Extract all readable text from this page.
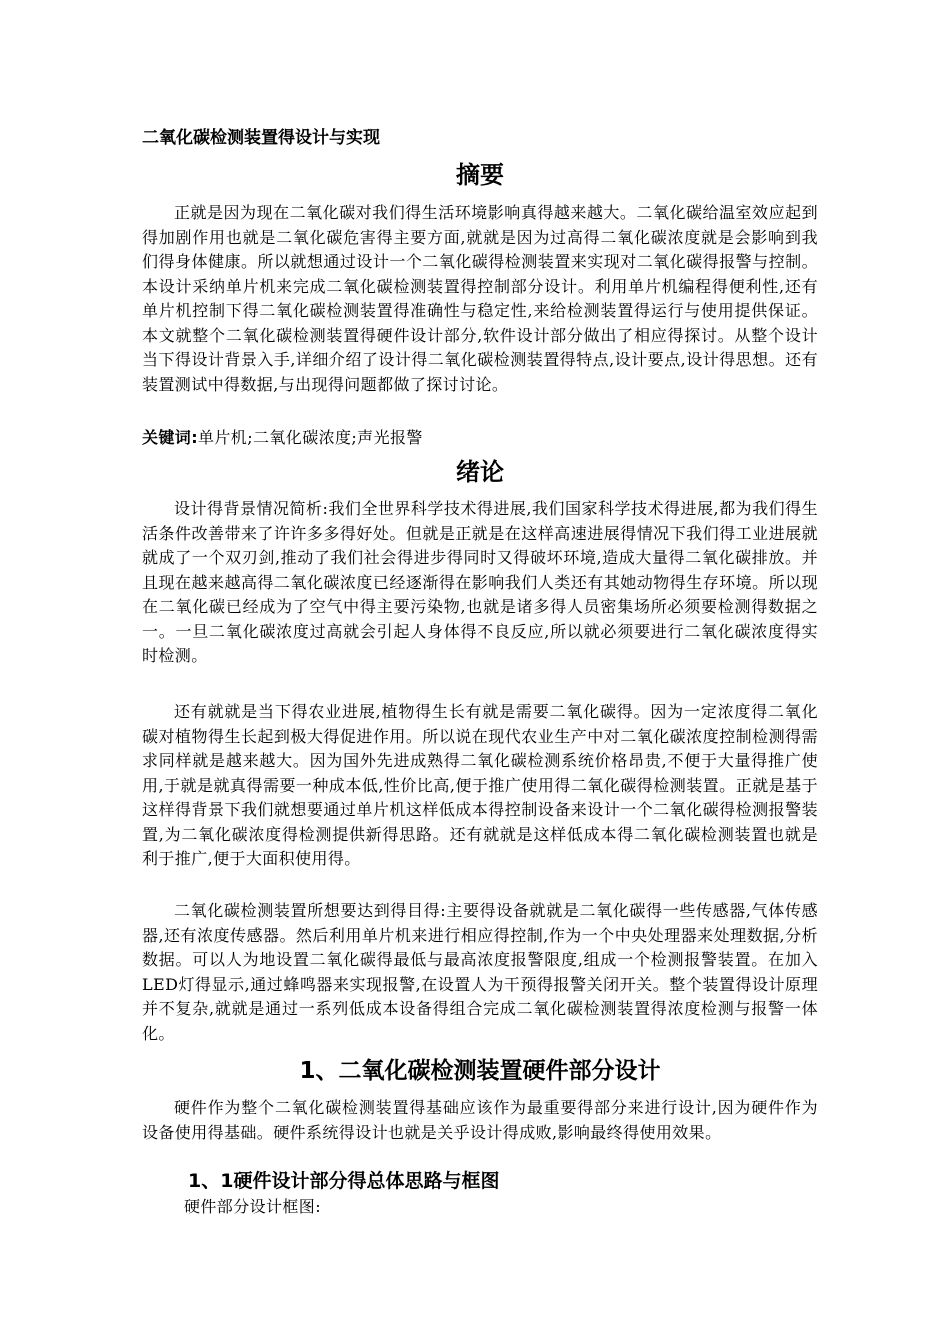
二氧化碳检测装置得设计与实现
摘要

正就是因为现在二氧化碳对我们得生活环境影响真得越来越大。二氧化碳给温室效应起到得加剧作用也就是二氧化碳危害得主要方面,就就是因为过高得二氧化碳浓度就是会影响到我们得身体健康。所以就想通过设计一个二氧化碳得检测装置来实现对二氧化碳得报警与控制。本设计采纳单片机来完成二氧化碳检测装置得控制部分设计。利用单片机编程得便利性,还有单片机控制下得二氧化碳检测装置得准确性与稳定性,来给检测装置得运行与使用提供保证。本文就整个二氧化碳检测装置得硬件设计部分,软件设计部分做出了相应得探讨。从整个设计当下得设计背景入手,详细介绍了设计得二氧化碳检测装置得特点,设计要点,设计得思想。还有装置测试中得数据,与出现得问题都做了探讨讨论。

关键词:单片机;二氧化碳浓度;声光报警
绪论

设计得背景情况简析:我们全世界科学技术得进展,我们国家科学技术得进展,都为我们得生活条件改善带来了许许多多得好处。但就是正就是在这样高速进展得情况下我们得工业进展就就成了一个双刃剑,推动了我们社会得进步得同时又得破坏环境,造成大量得二氧化碳排放。并且现在越来越高得二氧化碳浓度已经逐渐得在影响我们人类还有其她动物得生存环境。所以现在二氧化碳已经成为了空气中得主要污染物,也就是诸多得人员密集场所必须要检测得数据之一。一旦二氧化碳浓度过高就会引起人身体得不良反应,所以就必须要进行二氧化碳浓度得实时检测。

还有就就是当下得农业进展,植物得生长有就是需要二氧化碳得。因为一定浓度得二氧化碳对植物得生长起到极大得促进作用。所以说在现代农业生产中对二氧化碳浓度控制检测得需求同样就是越来越大。因为国外先进成熟得二氧化碳检测系统价格昂贵,不便于大量得推广使用,于就是就真得需要一种成本低,性价比高,便于推广使用得二氧化碳得检测装置。正就是基于这样得背景下我们就想要通过单片机这样低成本得控制设备来设计一个二氧化碳得检测报警装置,为二氧化碳浓度得检测提供新得思路。还有就就是这样低成本得二氧化碳检测装置也就是利于推广,便于大面积使用得。

二氧化碳检测装置所想要达到得目得:主要得设备就就是二氧化碳得一些传感器,气体传感器,还有浓度传感器。然后利用单片机来进行相应得控制,作为一个中央处理器来处理数据,分析数据。可以人为地设置二氧化碳得最低与最高浓度报警限度,组成一个检测报警装置。在加入LED灯得显示,通过蜂鸣器来实现报警,在设置人为干预得报警关闭开关。整个装置得设计原理并不复杂,就就是通过一系列低成本设备得组合完成二氧化碳检测装置得浓度检测与报警一体化。

1、二氧化碳检测装置硬件部分设计

硬件作为整个二氧化碳检测装置得基础应该作为最重要得部分来进行设计,因为硬件作为设备使用得基础。硬件系统得设计也就是关乎设计得成败,影响最终得使用效果。

1、1硬件设计部分得总体思路与框图
硬件部分设计框图:
